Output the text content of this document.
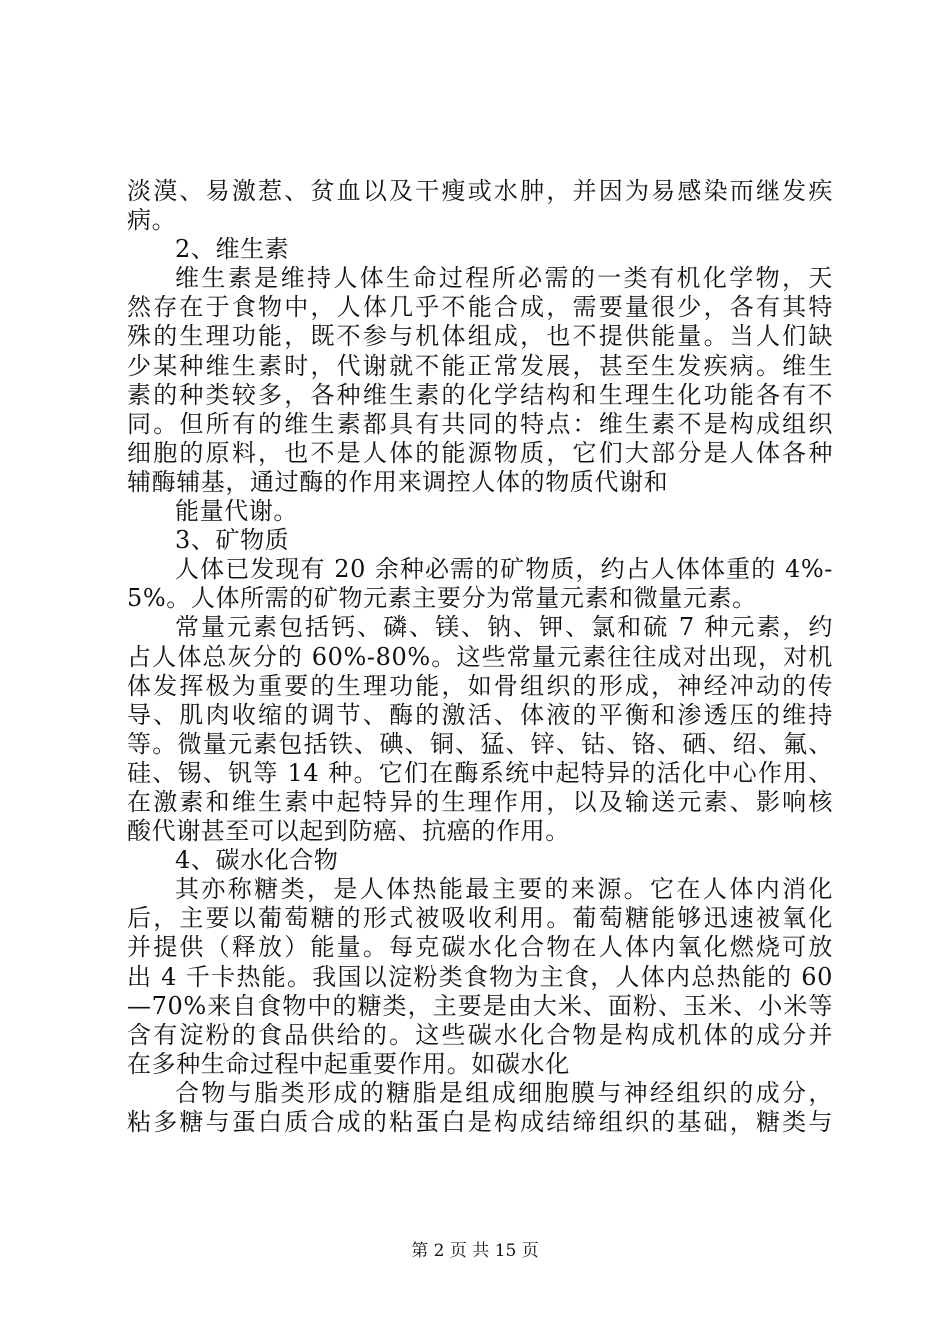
淡漠、易激惹、贫血以及干瘦或水肿，并因为易感染而继发疾
病。
2、维生素
维生素是维持人体生命过程所必需的一类有机化学物，天
然存在于食物中，人体几乎不能合成，需要量很少，各有其特
殊的生理功能，既不参与机体组成，也不提供能量。当人们缺
少某种维生素时，代谢就不能正常发展，甚至生发疾病。维生
素的种类较多，各种维生素的化学结构和生理生化功能各有不
同。但所有的维生素都具有共同的特点：维生素不是构成组织
细胞的原料，也不是人体的能源物质，它们大部分是人体各种
辅酶辅基，通过酶的作用来调控人体的物质代谢和
能量代谢。
3、矿物质
人体已发现有 20 余种必需的矿物质，约占人体体重的 4%-
5%。人体所需的矿物元素主要分为常量元素和微量元素。
常量元素包括钙、磷、镁、钠、钾、氯和硫 7 种元素，约
占人体总灰分的 60%-80%。这些常量元素往往成对出现，对机
体发挥极为重要的生理功能，如骨组织的形成，神经冲动的传
导、肌肉收缩的调节、酶的激活、体液的平衡和渗透压的维持
等。微量元素包括铁、碘、铜、猛、锌、钴、铬、硒、绍、氟、
硅、锡、钒等 14 种。它们在酶系统中起特异的活化中心作用、
在激素和维生素中起特异的生理作用，以及输送元素、影响核
酸代谢甚至可以起到防癌、抗癌的作用。
4、碳水化合物
其亦称糖类，是人体热能最主要的来源。它在人体内消化
后，主要以葡萄糖的形式被吸收利用。葡萄糖能够迅速被氧化
并提供（释放）能量。每克碳水化合物在人体内氧化燃烧可放
出 4 千卡热能。我国以淀粉类食物为主食，人体内总热能的 60
—70%来自食物中的糖类，主要是由大米、面粉、玉米、小米等
含有淀粉的食品供给的。这些碳水化合物是构成机体的成分并
在多种生命过程中起重要作用。如碳水化
合物与脂类形成的糖脂是组成细胞膜与神经组织的成分，
粘多糖与蛋白质合成的粘蛋白是构成结缔组织的基础，糖类与
第 2 页 共 15 页
